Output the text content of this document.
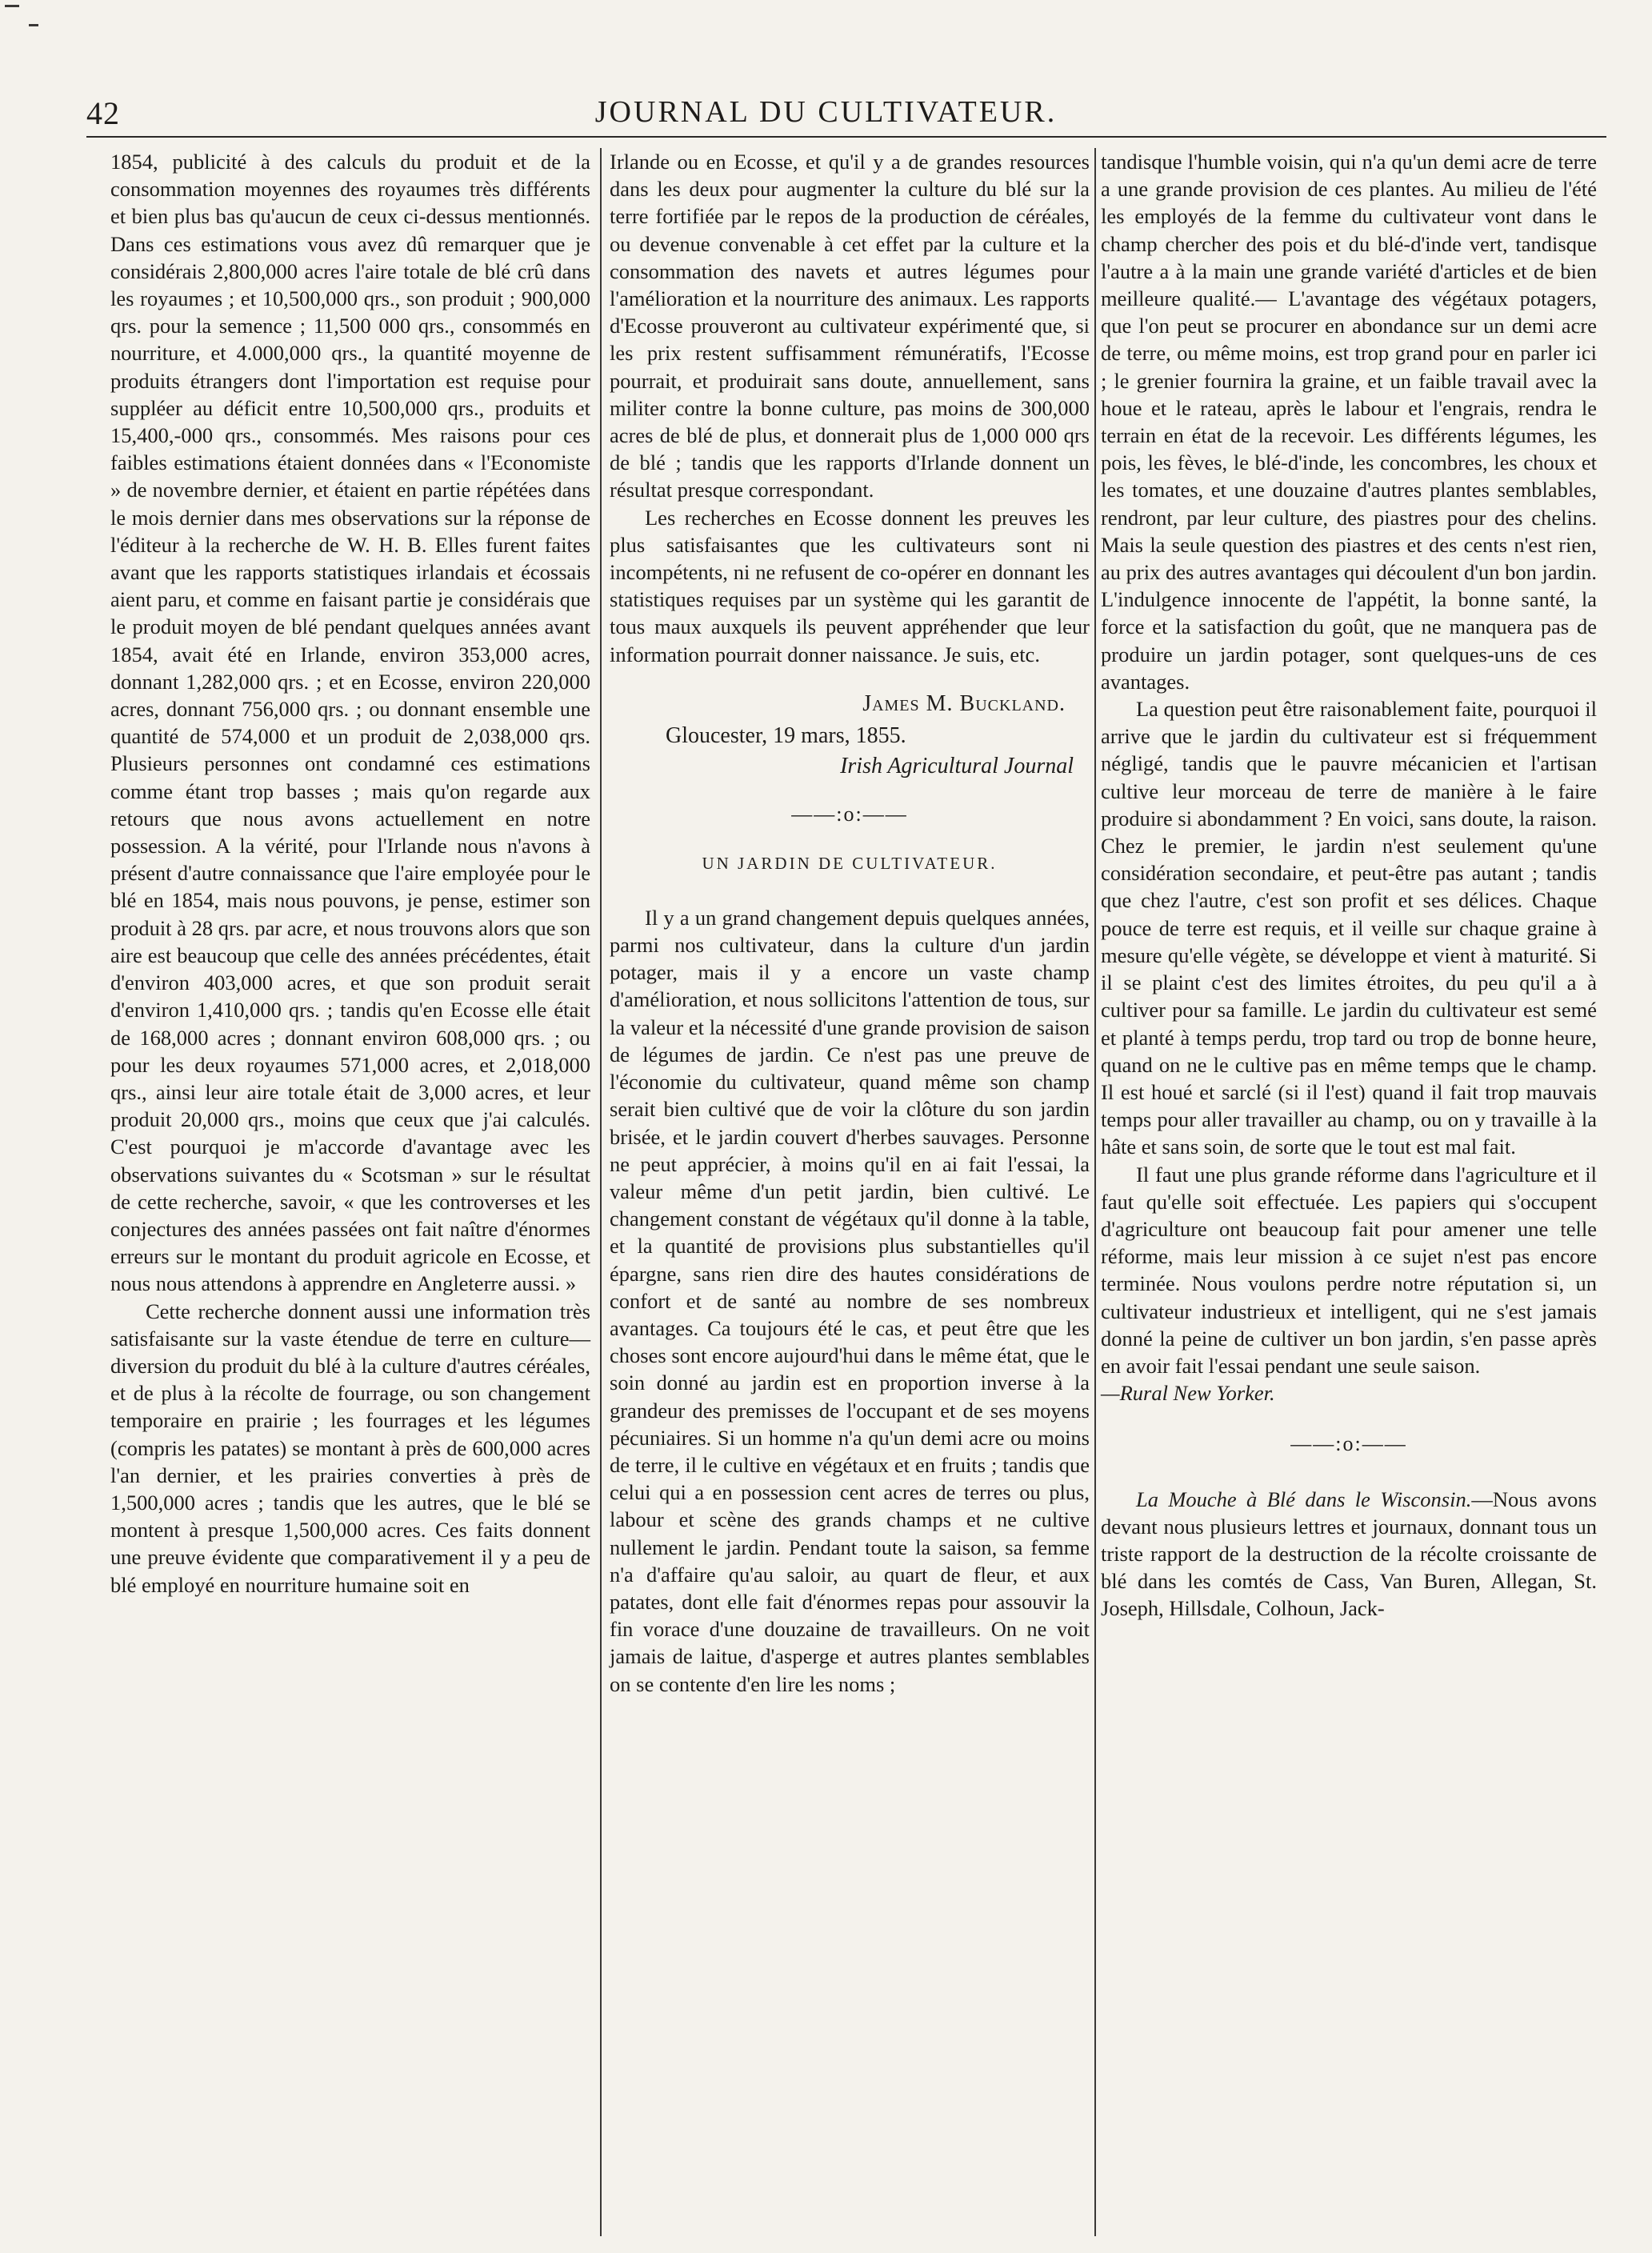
42	JOURNAL DU CULTIVATEUR.

1854, publicité à des calculs du produit et de la consommation moyennes des royaumes très différents et bien plus bas qu'aucun de ceux ci-dessus mentionnés. Dans ces estimations vous avez dû remarquer que je considérais 2,800,000 acres l'aire totale de blé crû dans les royaumes ; et 10,500,000 qrs., son produit ; 900,000 qrs. pour la semence ; 11,500 000 qrs., consommés en nourriture, et 4.000,000 qrs., la quantité moyenne de produits étrangers dont l'importation est requise pour suppléer au déficit entre 10,500,000 qrs., produits et 15,400,-000 qrs., consommés. Mes raisons pour ces faibles estimations étaient données dans « l'Economiste » de novembre dernier, et étaient en partie répétées dans le mois dernier dans mes observations sur la réponse de l'éditeur à la recherche de W. H. B. Elles furent faites avant que les rapports statistiques irlandais et écossais aient paru, et comme en faisant partie je considérais que le produit moyen de blé pendant quelques années avant 1854, avait été en Irlande, environ 353,000 acres, donnant 1,282,000 qrs. ; et en Ecosse, environ 220,000 acres, donnant 756,000 qrs. ; ou donnant ensemble une quantité de 574,000 et un produit de 2,038,000 qrs. Plusieurs personnes ont condamné ces estimations comme étant trop basses ; mais qu'on regarde aux retours que nous avons actuellement en notre possession. A la vérité, pour l'Irlande nous n'avons à présent d'autre connaissance que l'aire employée pour le blé en 1854, mais nous pouvons, je pense, estimer son produit à 28 qrs. par acre, et nous trouvons alors que son aire est beaucoup que celle des années précédentes, était d'environ 403,000 acres, et que son produit serait d'environ 1,410,000 qrs. ; tandis qu'en Ecosse elle était de 168,000 acres ; donnant environ 608,000 qrs. ; ou pour les deux royaumes 571,000 acres, et 2,018,000 qrs., ainsi leur aire totale était de 3,000 acres, et leur produit 20,000 qrs., moins que ceux que j'ai calculés. C'est pourquoi je m'accorde d'avantage avec les observations suivantes du « Scotsman » sur le résultat de cette recherche, savoir, « que les controverses et les conjectures des années passées ont fait naître d'énormes erreurs sur le montant du produit agricole en Ecosse, et nous nous attendons à apprendre en Angleterre aussi. »

Cette recherche donnent aussi une information très satisfaisante sur la vaste étendue de terre en culture—diversion du produit du blé à la culture d'autres céréales, et de plus à la récolte de fourrage, ou son changement temporaire en prairie ; les fourrages et les légumes (compris les patates) se montant à près de 600,000 acres l'an dernier, et les prairies converties à près de 1,500,000 acres ; tandis que les autres, que le blé se montent à presque 1,500,000 acres. Ces faits donnent une preuve évidente que comparativement il y a peu de blé employé en nourriture humaine soit en

Irlande ou en Ecosse, et qu'il y a de grandes resources dans les deux pour augmenter la culture du blé sur la terre fortifiée par le repos de la production de céréales, ou devenue convenable à cet effet par la culture et la consommation des navets et autres légumes pour l'amélioration et la nourriture des animaux. Les rapports d'Ecosse prouveront au cultivateur expérimenté que, si les prix restent suffisamment rémunératifs, l'Ecosse pourrait, et produirait sans doute, annuellement, sans militer contre la bonne culture, pas moins de 300,000 acres de blé de plus, et donnerait plus de 1,000 000 qrs de blé ; tandis que les rapports d'Irlande donnent un résultat presque correspondant.

Les recherches en Ecosse donnent les preuves les plus satisfaisantes que les cultivateurs sont ni incompétents, ni ne refusent de co-opérer en donnant les statistiques requises par un système qui les garantit de tous maux auxquels ils peuvent appréhender que leur information pourrait donner naissance. Je suis, etc.

James M. Buckland.
Gloucester, 19 mars, 1855.
Irish Agricultural Journal
——:o:——
UN JARDIN DE CULTIVATEUR.

Il y a un grand changement depuis quelques années, parmi nos cultivateur, dans la culture d'un jardin potager, mais il y a encore un vaste champ d'amélioration, et nous sollicitons l'attention de tous, sur la valeur et la nécessité d'une grande provision de saison de légumes de jardin. Ce n'est pas une preuve de l'économie du cultivateur, quand même son champ serait bien cultivé que de voir la clôture du son jardin brisée, et le jardin couvert d'herbes sauvages. Personne ne peut apprécier, à moins qu'il en ai fait l'essai, la valeur même d'un petit jardin, bien cultivé. Le changement constant de végétaux qu'il donne à la table, et la quantité de provisions plus substantielles qu'il épargne, sans rien dire des hautes considérations de confort et de santé au nombre de ses nombreux avantages. Ca toujours été le cas, et peut être que les choses sont encore aujourd'hui dans le même état, que le soin donné au jardin est en proportion inverse à la grandeur des premisses de l'occupant et de ses moyens pécuniaires. Si un homme n'a qu'un demi acre ou moins de terre, il le cultive en végétaux et en fruits ; tandis que celui qui a en possession cent acres de terres ou plus, labour et scène des grands champs et ne cultive nullement le jardin. Pendant toute la saison, sa femme n'a d'affaire qu'au saloir, au quart de fleur, et aux patates, dont elle fait d'énormes repas pour assouvir la fin vorace d'une douzaine de travailleurs. On ne voit jamais de laitue, d'asperge et autres plantes semblables on se contente d'en lire les noms ;

tandisque l'humble voisin, qui n'a qu'un demi acre de terre a une grande provision de ces plantes. Au milieu de l'été les employés de la femme du cultivateur vont dans le champ chercher des pois et du blé-d'inde vert, tandisque l'autre a à la main une grande variété d'articles et de bien meilleure qualité.— L'avantage des végétaux potagers, que l'on peut se procurer en abondance sur un demi acre de terre, ou même moins, est trop grand pour en parler ici ; le grenier fournira la graine, et un faible travail avec la houe et le rateau, après le labour et l'engrais, rendra le terrain en état de la recevoir. Les différents légumes, les pois, les fèves, le blé-d'inde, les concombres, les choux et les tomates, et une douzaine d'autres plantes semblables, rendront, par leur culture, des piastres pour des chelins. Mais la seule question des piastres et des cents n'est rien, au prix des autres avantages qui découlent d'un bon jardin. L'indulgence innocente de l'appétit, la bonne santé, la force et la satisfaction du goût, que ne manquera pas de produire un jardin potager, sont quelques-uns de ces avantages.

La question peut être raisonablement faite, pourquoi il arrive que le jardin du cultivateur est si fréquemment négligé, tandis que le pauvre mécanicien et l'artisan cultive leur morceau de terre de manière à le faire produire si abondamment ? En voici, sans doute, la raison. Chez le premier, le jardin n'est seulement qu'une considération secondaire, et peut-être pas autant ; tandis que chez l'autre, c'est son profit et ses délices. Chaque pouce de terre est requis, et il veille sur chaque graine à mesure qu'elle végète, se développe et vient à maturité. Si il se plaint c'est des limites étroites, du peu qu'il a à cultiver pour sa famille. Le jardin du cultivateur est semé et planté à temps perdu, trop tard ou trop de bonne heure, quand on ne le cultive pas en même temps que le champ. Il est houé et sarclé (si il l'est) quand il fait trop mauvais temps pour aller travailler au champ, ou on y travaille à la hâte et sans soin, de sorte que le tout est mal fait.

Il faut une plus grande réforme dans l'agriculture et il faut qu'elle soit effectuée. Les papiers qui s'occupent d'agriculture ont beaucoup fait pour amener une telle réforme, mais leur mission à ce sujet n'est pas encore terminée. Nous voulons perdre notre réputation si, un cultivateur industrieux et intelligent, qui ne s'est jamais donné la peine de cultiver un bon jardin, s'en passe après en avoir fait l'essai pendant une seule saison.

—Rural New Yorker.

——:o:——

La Mouche à Blé dans le Wisconsin.—Nous avons devant nous plusieurs lettres et journaux, donnant tous un triste rapport de la destruction de la récolte croissante de blé dans les comtés de Cass, Van Buren, Allegan, St. Joseph, Hillsdale, Colhoun, Jack-
